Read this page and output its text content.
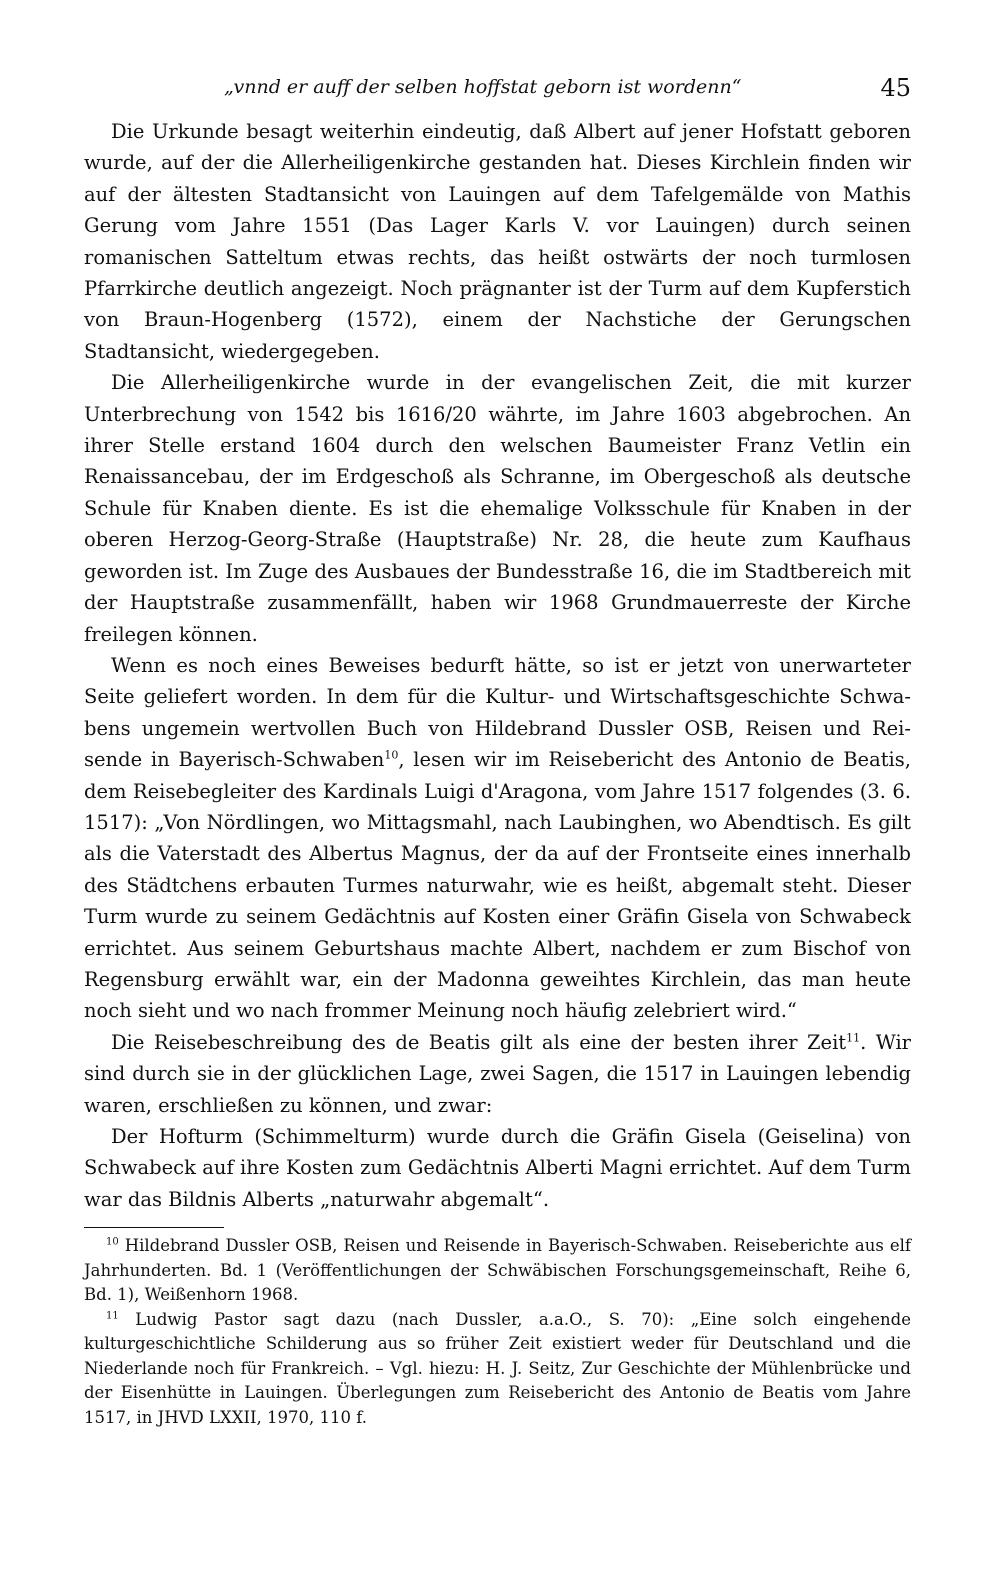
„vnnd er auff der selben hoffstat geborn ist wordenn“	45

Die Urkunde besagt weiterhin eindeutig, daß Albert auf jener Hofstatt geboren wurde, auf der die Allerheiligenkirche gestanden hat. Dieses Kirchlein finden wir auf der ältesten Stadtansicht von Lauingen auf dem Tafelgemälde von Mathis Gerung vom Jahre 1551 (Das Lager Karls V. vor Lauingen) durch seinen romanischen Satteltum etwas rechts, das heißt ostwärts der noch turmlosen Pfarrkirche deutlich angezeigt. Noch prägnanter ist der Turm auf dem Kupferstich von Braun-Hogenberg (1572), einem der Nachstiche der Gerungschen Stadtansicht, wiedergegeben.

Die Allerheiligenkirche wurde in der evangelischen Zeit, die mit kurzer Unterbrechung von 1542 bis 1616/20 währte, im Jahre 1603 abgebrochen. An ihrer Stelle erstand 1604 durch den welschen Baumeister Franz Vetlin ein Renaissancebau, der im Erdgeschoß als Schranne, im Obergeschoß als deutsche Schule für Knaben diente. Es ist die ehemalige Volksschule für Knaben in der oberen Herzog-Georg-Straße (Hauptstraße) Nr. 28, die heute zum Kaufhaus geworden ist. Im Zuge des Ausbaues der Bundesstraße 16, die im Stadtbereich mit der Hauptstraße zusammenfällt, haben wir 1968 Grundmauerreste der Kirche freilegen können.

Wenn es noch eines Beweises bedurft hätte, so ist er jetzt von unerwarteter Seite geliefert worden. In dem für die Kultur- und Wirtschaftsgeschichte Schwabens ungemein wertvollen Buch von Hildebrand Dussler OSB, Reisen und Reisende in Bayerisch-Schwaben$^{10}$, lesen wir im Reisebericht des Antonio de Beatis, dem Reisebegleiter des Kardinals Luigi d'Aragona, vom Jahre 1517 folgendes (3. 6. 1517): „Von Nördlingen, wo Mittagsmahl, nach Laubinghen, wo Abendtisch. Es gilt als die Vaterstadt des Albertus Magnus, der da auf der Frontseite eines innerhalb des Städtchens erbauten Turmes naturwahr, wie es heißt, abgemalt steht. Dieser Turm wurde zu seinem Gedächtnis auf Kosten einer Gräfin Gisela von Schwabeck errichtet. Aus seinem Geburtshaus machte Albert, nachdem er zum Bischof von Regensburg erwählt war, ein der Madonna geweihtes Kirchlein, das man heute noch sieht und wo nach frommer Meinung noch häufig zelebriert wird.“

Die Reisebeschreibung des de Beatis gilt als eine der besten ihrer Zeit$^{11}$. Wir sind durch sie in der glücklichen Lage, zwei Sagen, die 1517 in Lauingen lebendig waren, erschließen zu können, und zwar:

Der Hofturm (Schimmelturm) wurde durch die Gräfin Gisela (Geiselina) von Schwabeck auf ihre Kosten zum Gedächtnis Alberti Magni errichtet. Auf dem Turm war das Bildnis Alberts „naturwahr abgemalt“.

$^{10}$ Hildebrand Dussler OSB, Reisen und Reisende in Bayerisch-Schwaben. Reiseberichte aus elf Jahrhunderten. Bd. 1 (Veröffentlichungen der Schwäbischen Forschungsgemeinschaft, Reihe 6, Bd. 1), Weißenhorn 1968.

$^{11}$ Ludwig Pastor sagt dazu (nach Dussler, a.a.O., S. 70): „Eine solch eingehende kulturgeschichtliche Schilderung aus so früher Zeit existiert weder für Deutschland und die Niederlande noch für Frankreich. – Vgl. hiezu: H. J. Seitz, Zur Geschichte der Mühlenbrücke und der Eisenhütte in Lauingen. Überlegungen zum Reisebericht des Antonio de Beatis vom Jahre 1517, in JHVD LXXII, 1970, 110 f.
